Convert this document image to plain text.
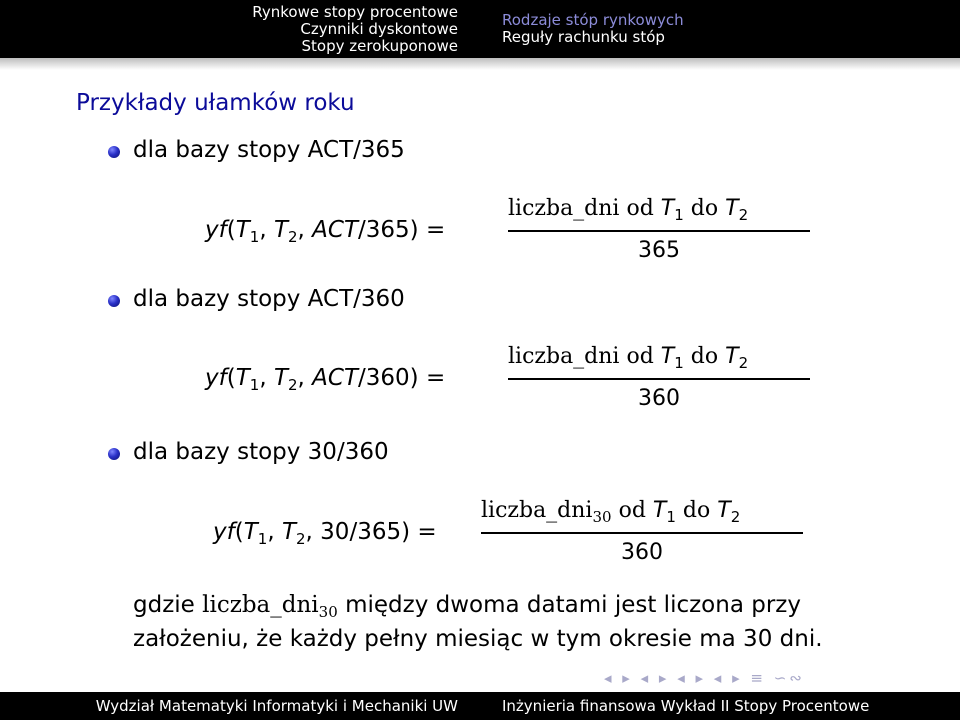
Rynkowe stopy procentowe
Czynniki dyskontowe
Stopy zerokuponowe
Rodzaje stóp rynkowych
Reguły rachunku stóp
Przykłady ułamków roku
dla bazy stopy ACT/365
$yf(T_1$, $T_2$, ACT/365) =
liczba_dni od $T_1$ do $T_2$
365
dla bazy stopy ACT/360
$yf(T_1$, $T_2$, ACT/360) =
liczba_dni od $T_1$ do $T_2$
360
dla bazy stopy 30/360
$yf(T_1$, $T_2$, 30/365) =
liczba_dni$_{30}$ od $T_1$ do $T_2$
360
gdzie liczba_dni$_{30}$ między dwoma datami jest liczona przy
założeniu, że każdy pełny miesiąc w tym okresie ma 30 dni.
◂ ▸ ◂ ▸ ◂ ▸ ◂ ▸ ≡ ∽∾
Wydział Matematyki Informatyki i Mechaniki UW	Inżynieria finansowa Wykład II Stopy Procentowe
